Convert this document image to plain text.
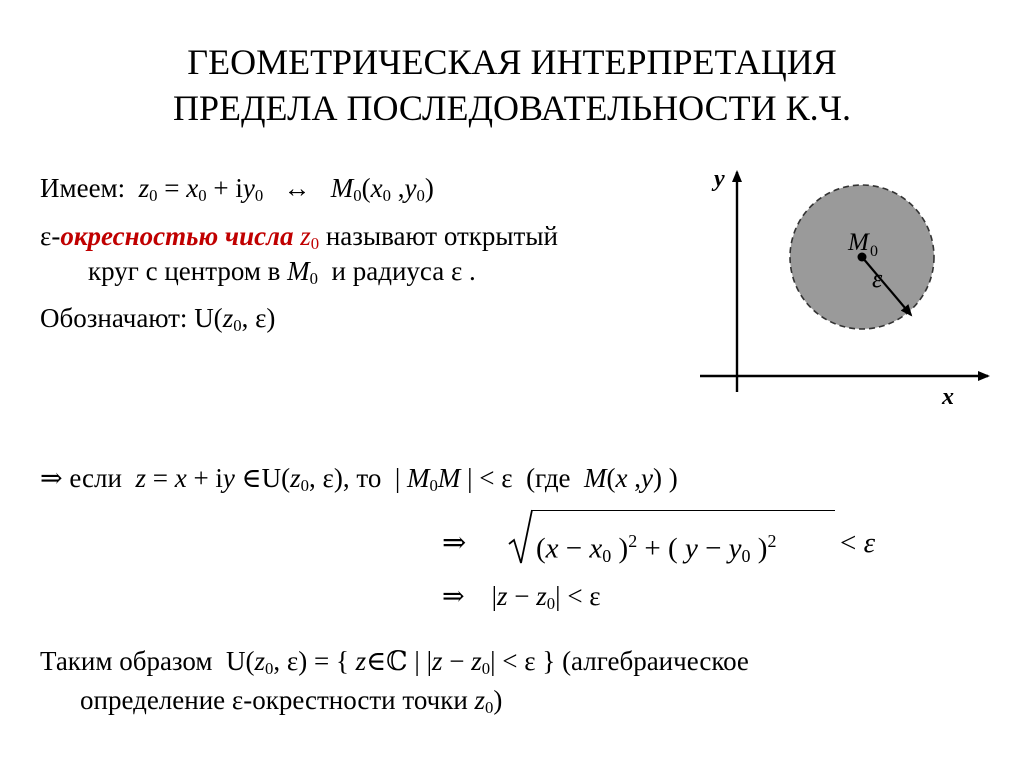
ГЕОМЕТРИЧЕСКАЯ ИНТЕРПРЕТАЦИЯ
ПРЕДЕЛА ПОСЛЕДОВАТЕЛЬНОСТИ К.Ч.
Имеем: $z_0 = x_0 + iy_0$   ↔   $M_0(x_0$ $,y_0$)
ε-окресностью числа $z_0$ называют открытый
круг с центром в $M_0$ и радиуса ε .
Обозначают: $U(z_0$, ε)
y
x
M 0
ε
⇒ если z = x + iy $\in U(z_0$, ε), то  | $M_0M$ | < ε  (где M(x ,y) )
⇒ ($x - x_0$ )$^2$ + ( $y - y_0$ )$^2$ < ε
⇒    $|z - z_0| < \varepsilon$
Таким образом  $U(z_0$, ε) = { z∈ℂ | $|z - z_0| < \varepsilon$ } (алгебраическое
определение ε-окрестности точки $z_0$)
